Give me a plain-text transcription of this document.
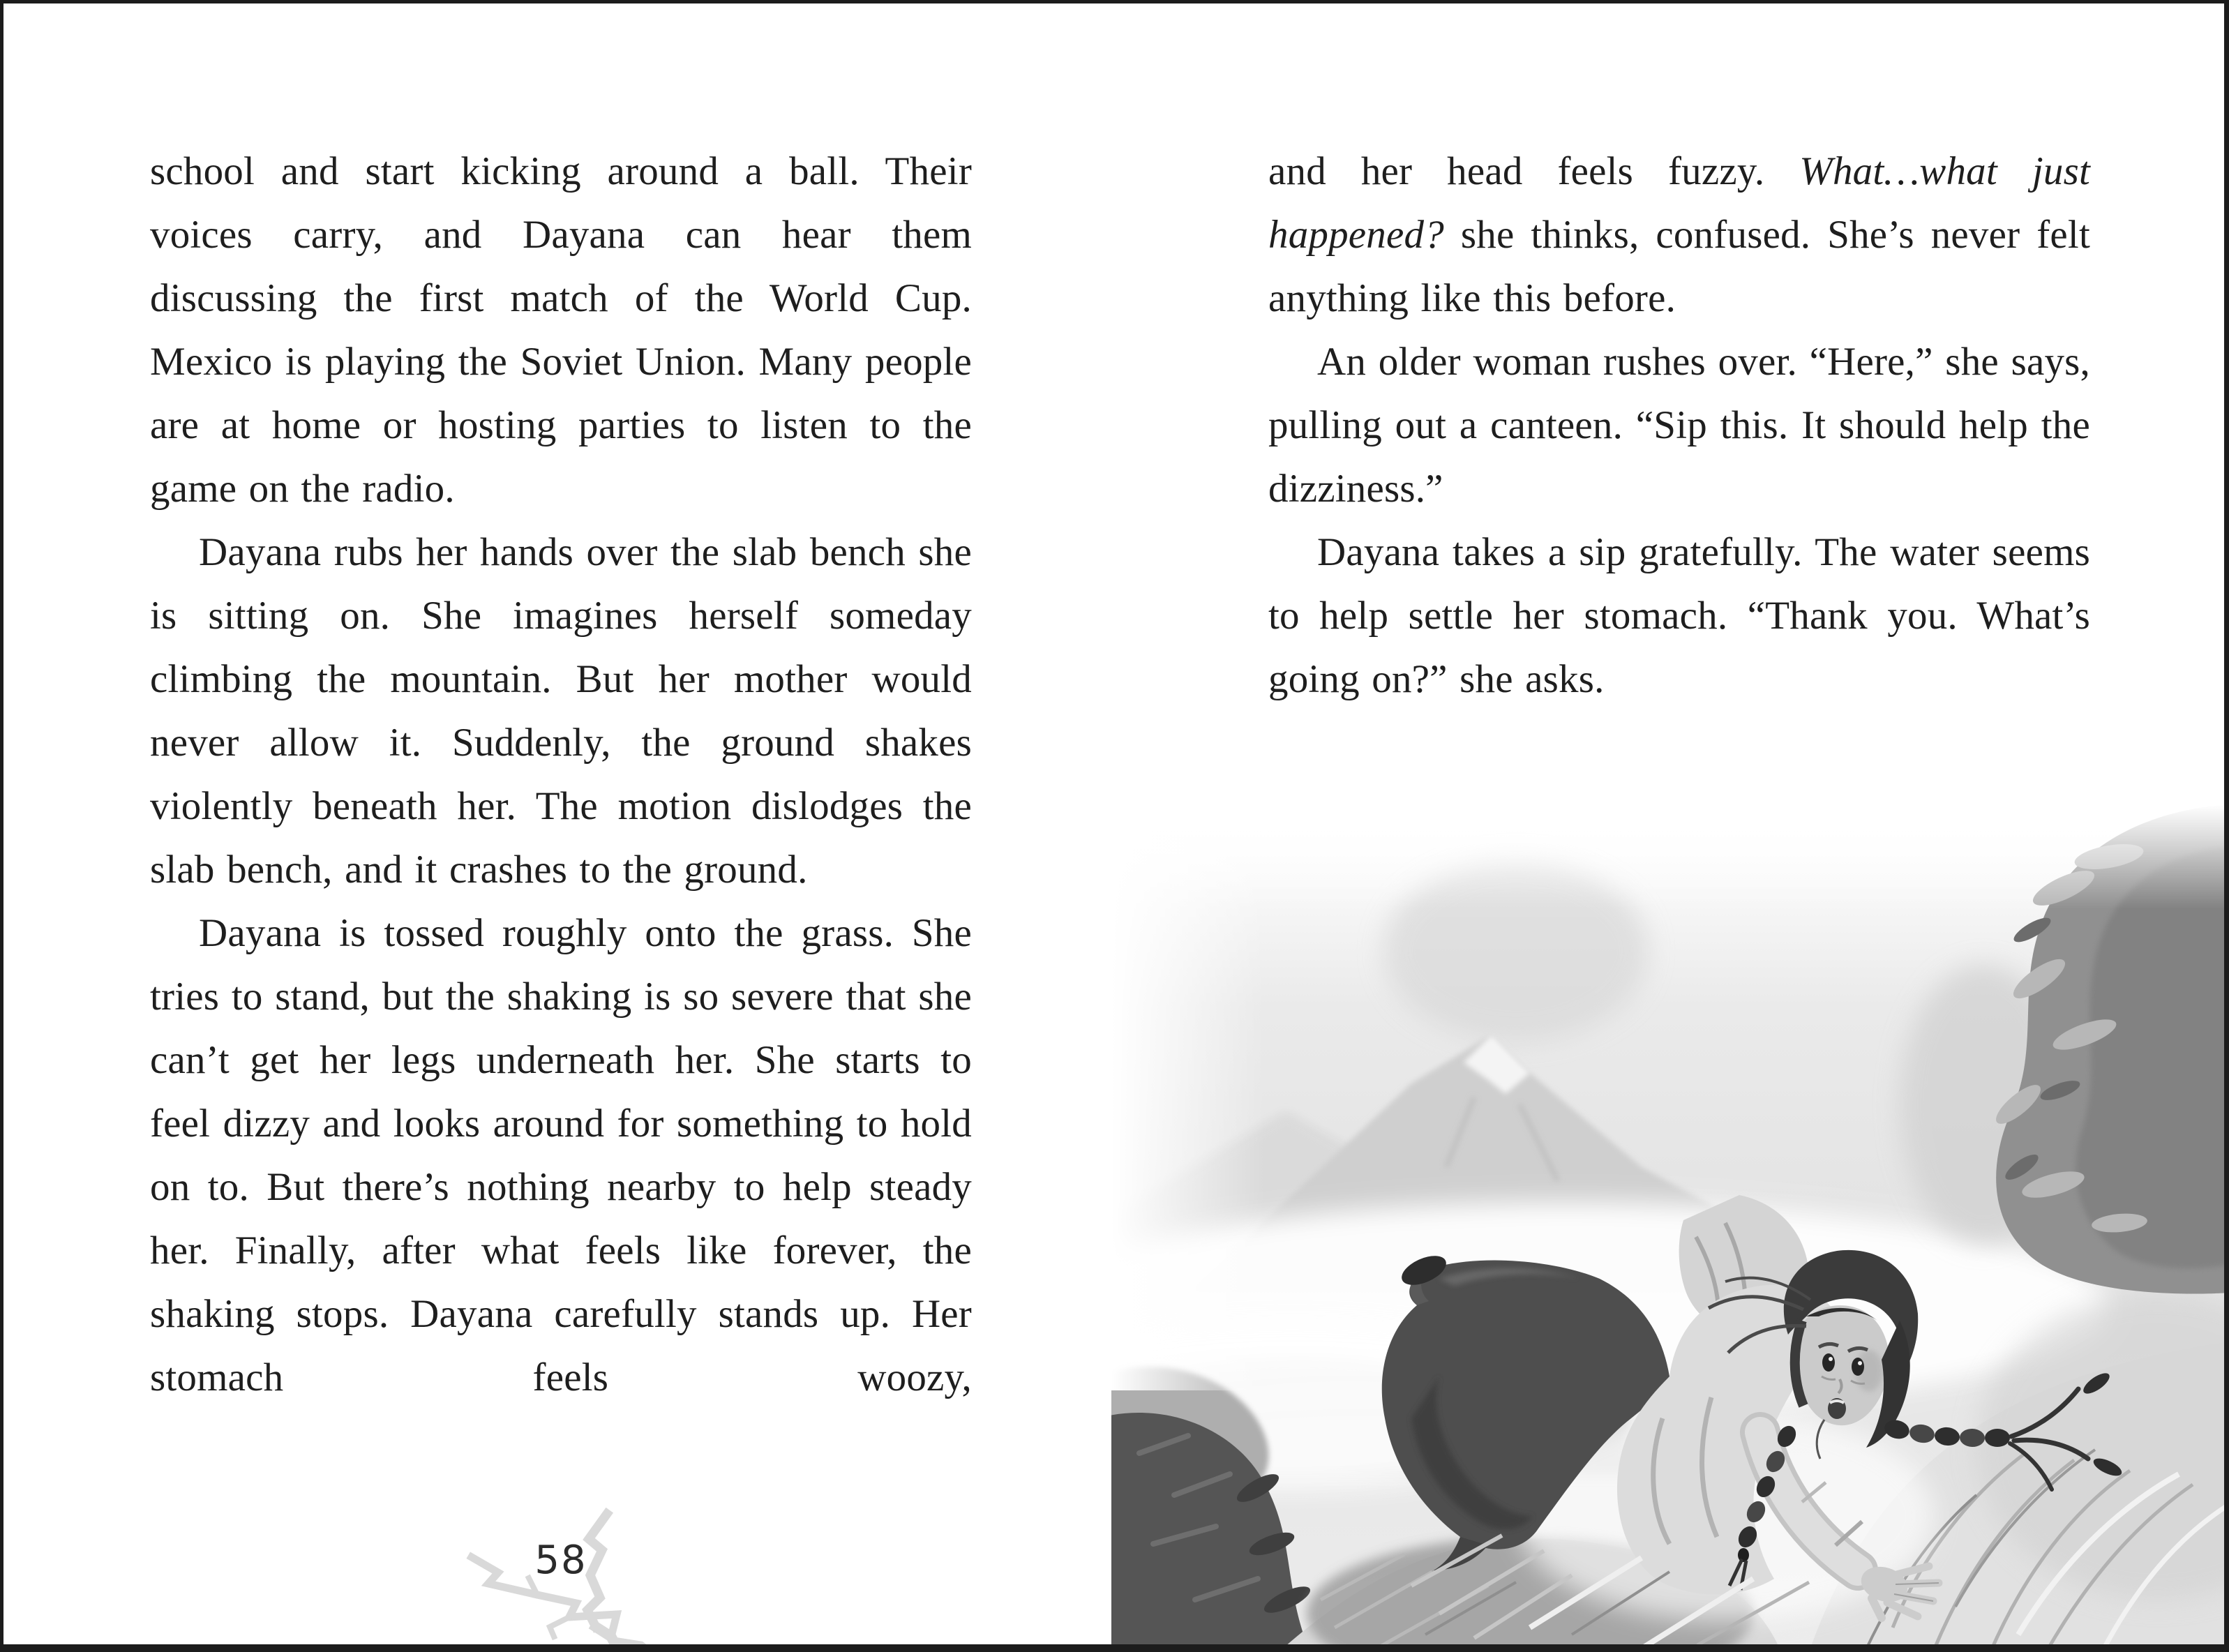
school and start kicking around a ball. Their voices carry, and Dayana can hear them discussing the first match of the World Cup. Mexico is playing the Soviet Union. Many people are at home or hosting parties to listen to the game on the radio.

Dayana rubs her hands over the slab bench she is sitting on. She imagines herself someday climbing the mountain. But her mother would never allow it. Suddenly, the ground shakes violently beneath her. The motion dislodges the slab bench, and it crashes to the ground.

Dayana is tossed roughly onto the grass. She tries to stand, but the shaking is so severe that she can’t get her legs underneath her. She starts to feel dizzy and looks around for something to hold on to. But there’s nothing nearby to help steady her. Finally, after what feels like forever, the shaking stops. Dayana carefully stands up. Her stomach feels woozy,

58

and her head feels fuzzy. What…what just happened? she thinks, confused. She’s never felt anything like this before.

An older woman rushes over. “Here,” she says, pulling out a canteen. “Sip this. It should help the dizziness.”

Dayana takes a sip gratefully. The water seems to help settle her stomach. “Thank you. What’s going on?” she asks.
